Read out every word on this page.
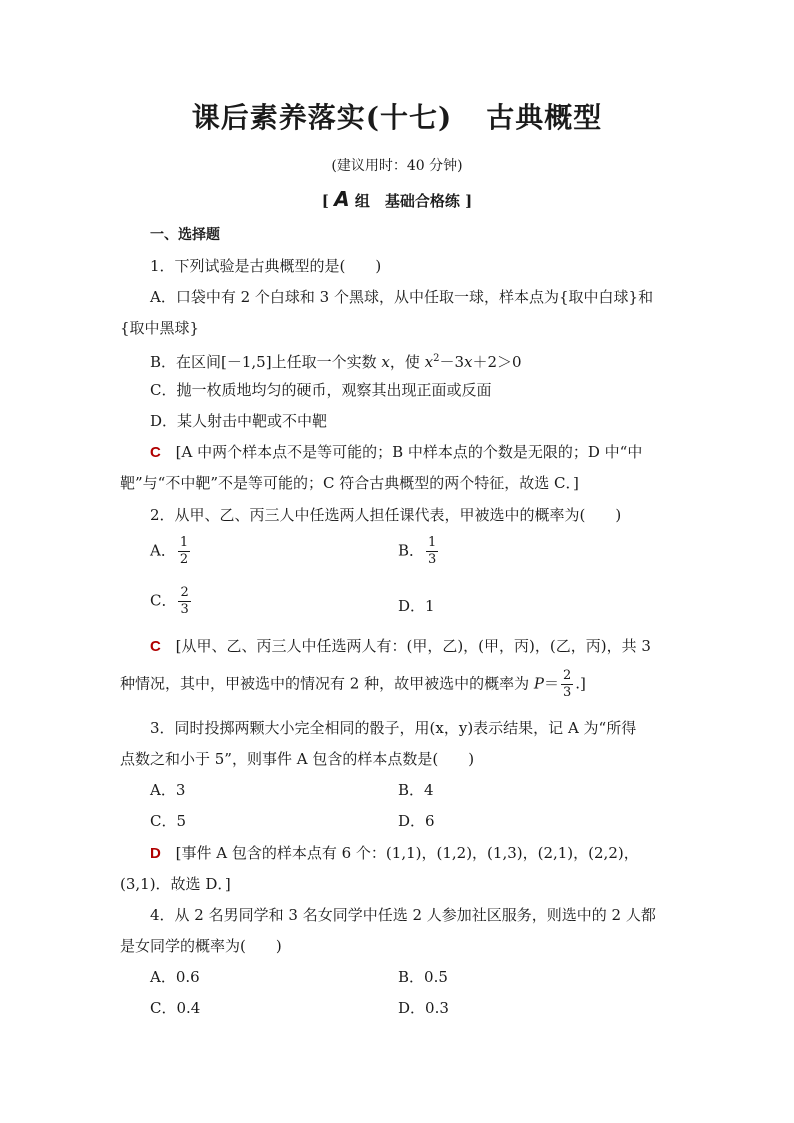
课后素养落实(十七) 古典概型
(建议用时：40 分钟)
[ A 组　基础合格练 ]
一、选择题
1．下列试验是古典概型的是(　　)
A．口袋中有 2 个白球和 3 个黑球，从中任取一球，样本点为{取中白球}和
{取中黑球}
B．在区间[－1,5]上任取一个实数 x，使 $x^2-3x+2>0$
C．抛一枚质地均匀的硬币，观察其出现正面或反面
D．某人射击中靶或不中靶
C [A 中两个样本点不是等可能的；B 中样本点的个数是无限的；D 中“中
靶”与“不中靶”不是等可能的；C 符合古典概型的两个特征，故选 C．]
2．从甲、乙、丙三人中任选两人担任课代表，甲被选中的概率为(　　)
A． $\frac{1}{2}$	B． $\frac{1}{3}$
C． $\frac{2}{3}$	D．1
C [从甲、乙、丙三人中任选两人有：(甲，乙)，(甲，丙)，(乙，丙)，共 3
种情况，其中，甲被选中的情况有 2 种，故甲被选中的概率为 $P= \frac{2}{3}$ .]
3．同时投掷两颗大小完全相同的骰子，用(x，y)表示结果，记 A 为“所得
点数之和小于 5”，则事件 A 包含的样本点数是(　　)
A．3	B．4
C．5	D．6
D [事件 A 包含的样本点有 6 个：(1,1)，(1,2)，(1,3)，(2,1)，(2,2)，
(3,1)．故选 D．]
4．从 2 名男同学和 3 名女同学中任选 2 人参加社区服务，则选中的 2 人都
是女同学的概率为(　　)
A．0.6	B．0.5
C．0.4	D．0.3
